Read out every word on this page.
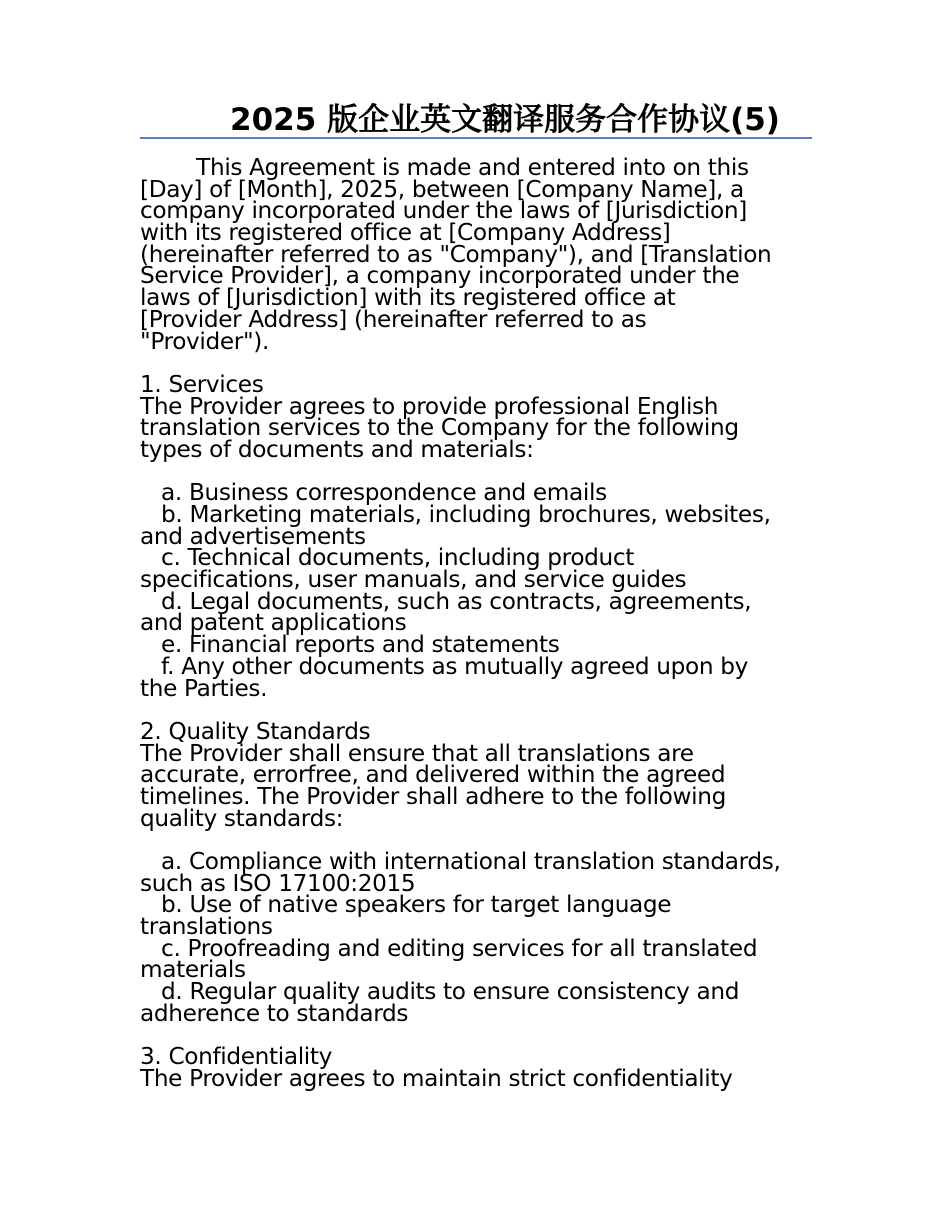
2025 版企业英文翻译服务合作协议(5)
This Agreement is made and entered into on this
[Day] of [Month], 2025, between [Company Name], a
company incorporated under the laws of [Jurisdiction]
with its registered office at [Company Address]
(hereinafter referred to as "Company"), and [Translation
Service Provider], a company incorporated under the
laws of [Jurisdiction] with its registered office at
[Provider Address] (hereinafter referred to as
"Provider").
1. Services
The Provider agrees to provide professional English
translation services to the Company for the following
types of documents and materials:
a. Business correspondence and emails
b. Marketing materials, including brochures, websites,
and advertisements
c. Technical documents, including product
specifications, user manuals, and service guides
d. Legal documents, such as contracts, agreements,
and patent applications
e. Financial reports and statements
f. Any other documents as mutually agreed upon by
the Parties.
2. Quality Standards
The Provider shall ensure that all translations are
accurate, errorfree, and delivered within the agreed
timelines. The Provider shall adhere to the following
quality standards:
a. Compliance with international translation standards,
such as ISO 17100:2015
b. Use of native speakers for target language
translations
c. Proofreading and editing services for all translated
materials
d. Regular quality audits to ensure consistency and
adherence to standards
3. Confidentiality
The Provider agrees to maintain strict confidentiality
